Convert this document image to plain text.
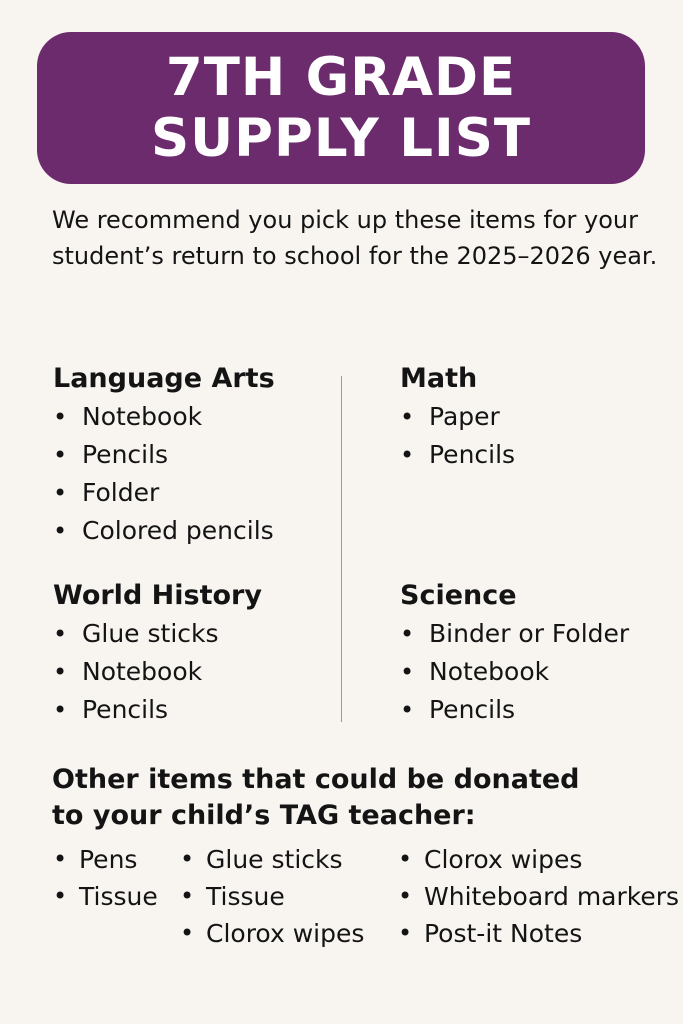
7TH GRADE
SUPPLY LIST

We recommend you pick up these items for your student’s return to school for the 2025–2026 year.

Language Arts
• Notebook
• Pencils
• Folder
• Colored pencils
Math
• Paper
• Pencils
World History
• Glue sticks
• Notebook
• Pencils
Science
• Binder or Folder
• Notebook
• Pencils
Other items that could be donated
to your child’s TAG teacher:
• Pens
• Tissue
• Glue sticks
• Tissue
• Clorox wipes
• Clorox wipes
• Whiteboard markers
• Post-it Notes
